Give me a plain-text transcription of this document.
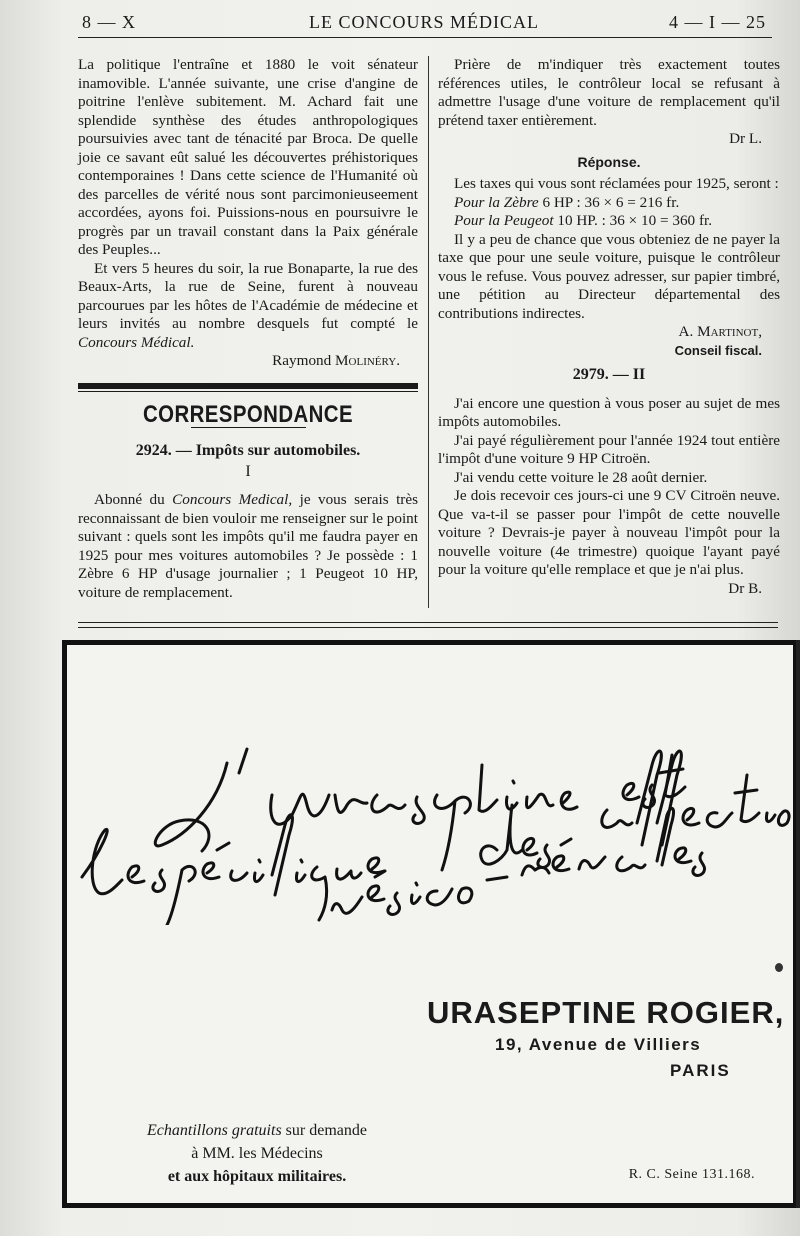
8 — X	LE CONCOURS MÉDICAL	4 — I — 25

La politique l'entraîne et 1880 le voit sénateur inamovible. L'année suivante, une crise d'angine de poitrine l'enlève subitement. M. Achard fait une splendide synthèse des études anthropologiques poursuivies avec tant de ténacité par Broca. De quelle joie ce savant eût salué les découvertes préhistoriques contemporaines ! Dans cette science de l'Humanité où des parcelles de vérité nous sont parcimonieuseement accordées, ayons foi. Puissions-nous en poursuivre le progrès par un travail constant dans la Paix générale des Peuples...

Et vers 5 heures du soir, la rue Bonaparte, la rue des Beaux-Arts, la rue de Seine, furent à nouveau parcourues par les hôtes de l'Académie de médecine et leurs invités au nombre desquels fut compté le Concours Médical.

Raymond Molinéry.

CORRESPONDANCE
2924. — Impôts sur automobiles.
I

Abonné du Concours Medical, je vous serais très reconnaissant de bien vouloir me renseigner sur le point suivant : quels sont les impôts qu'il me faudra payer en 1925 pour mes voitures automobiles ? Je possède : 1 Zèbre 6 HP d'usage journalier ; 1 Peugeot 10 HP, voiture de remplacement.

Prière de m'indiquer très exactement toutes références utiles, le contrôleur local se refusant à admettre l'usage d'une voiture de remplacement qu'il prétend taxer entièrement.

Dr L.

Réponse.

Les taxes qui vous sont réclamées pour 1925, seront :

Pour la Zèbre 6 HP : 36 × 6 = 216 fr.
Pour la Peugeot 10 HP. : 36 × 10 = 360 fr.

Il y a peu de chance que vous obteniez de ne payer la taxe que pour une seule voiture, puisque le contrôleur vous le refuse. Vous pouvez adresser, sur papier timbré, une pétition au Directeur départemental des contributions indirectes.

A. Martinot,

Conseil fiscal.

2979. — II

J'ai encore une question à vous poser au sujet de mes impôts automobiles.

J'ai payé régulièrement pour l'année 1924 tout entière l'impôt d'une voiture 9 HP Citroën.

J'ai vendu cette voiture le 28 août dernier.

Je dois recevoir ces jours-ci une 9 CV Citroën neuve. Que va-t-il se passer pour l'impôt de cette nouvelle voiture ? Devrais-je payer à nouveau l'impôt pour la nouvelle voiture (4e trimestre) quoique l'ayant payé pour la voiture qu'elle remplace et que je n'ai plus.

Dr B.

URASEPTINE ROGIER,
19, Avenue de Villiers
PARIS
Echantillons gratuits sur demande
à MM. les Médecins
et aux hôpitaux militaires.	R. C. Seine 131.168.
